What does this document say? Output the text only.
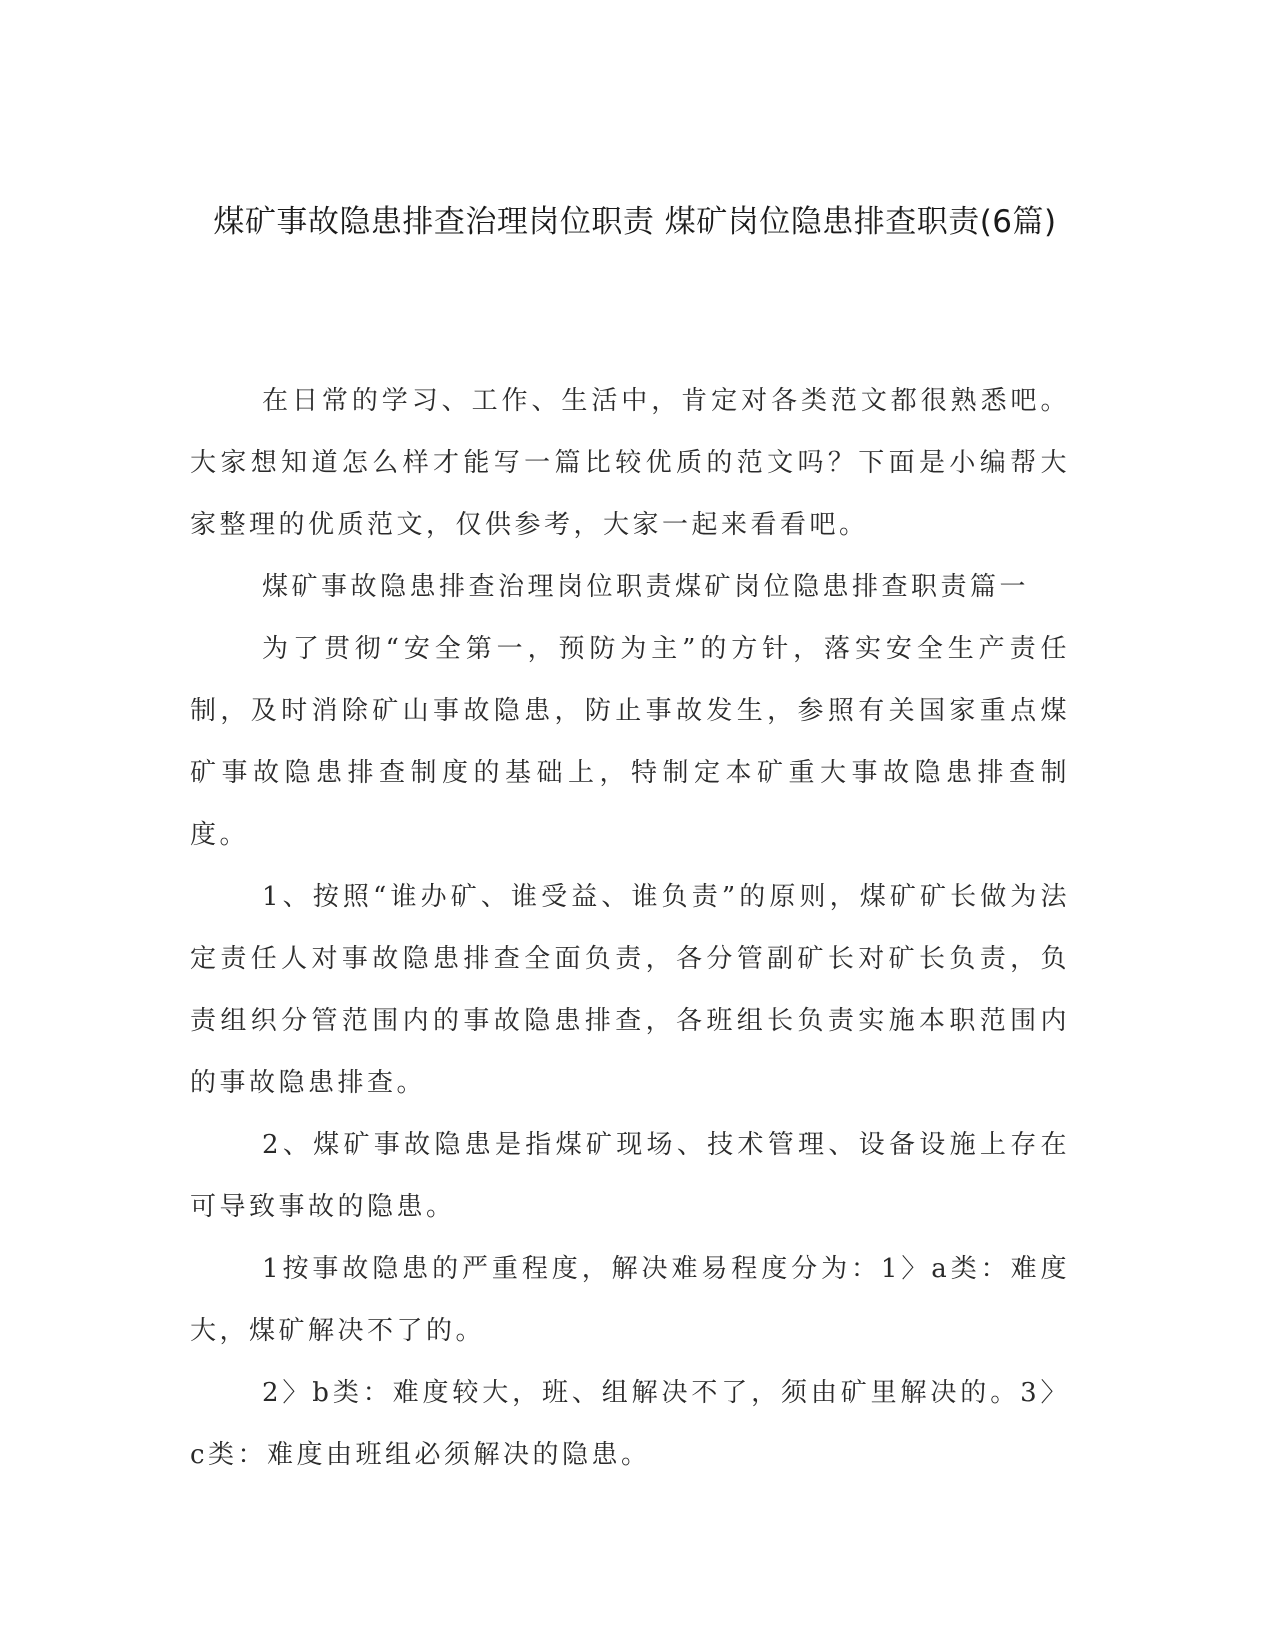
煤矿事故隐患排查治理岗位职责 煤矿岗位隐患排查职责(6篇)

在日常的学习、工作、生活中，肯定对各类范文都很熟悉吧。大家想知道怎么样才能写一篇比较优质的范文吗？下面是小编帮大家整理的优质范文，仅供参考，大家一起来看看吧。

煤矿事故隐患排查治理岗位职责煤矿岗位隐患排查职责篇一

为了贯彻“安全第一，预防为主”的方针，落实安全生产责任制，及时消除矿山事故隐患，防止事故发生，参照有关国家重点煤矿事故隐患排查制度的基础上，特制定本矿重大事故隐患排查制度。

1、按照“谁办矿、谁受益、谁负责”的原则，煤矿矿长做为法定责任人对事故隐患排查全面负责，各分管副矿长对矿长负责，负责组织分管范围内的事故隐患排查，各班组长负责实施本职范围内的事故隐患排查。

2、煤矿事故隐患是指煤矿现场、技术管理、设备设施上存在可导致事故的隐患。

1按事故隐患的严重程度，解决难易程度分为：1〉a类：难度大，煤矿解决不了的。

2〉b类：难度较大，班、组解决不了，须由矿里解决的。3〉c类：难度由班组必须解决的隐患。
